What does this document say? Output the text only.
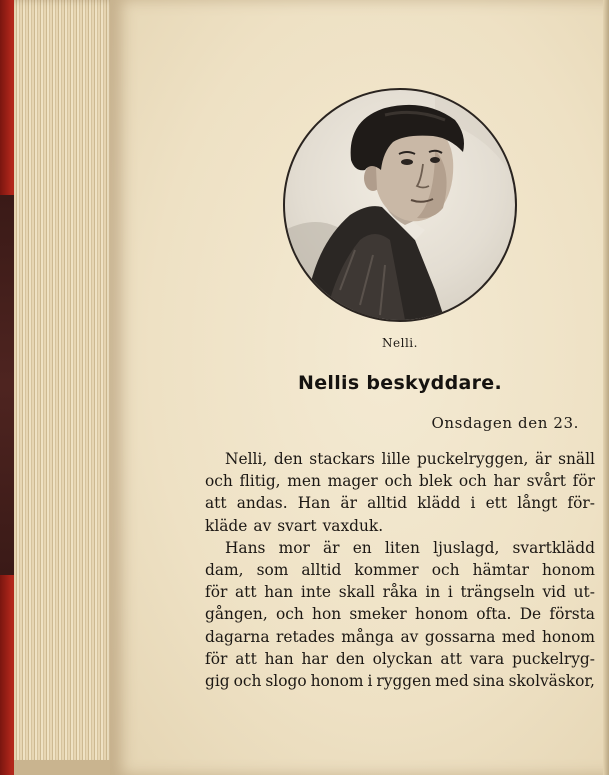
Nelli.
Nellis beskyddare.
Onsdagen den 23.
Nelli, den stackars lille puckelryggen, är snäll
och flitig, men mager och blek och har svårt för
att andas. Han är alltid klädd i ett långt för-
kläde av svart vaxduk.
Hans mor är en liten ljuslagd, svartklädd
dam, som alltid kommer och hämtar honom
för att han inte skall råka in i trängseln vid ut-
gången, och hon smeker honom ofta. De första
dagarna retades många av gossarna med honom
för att han har den olyckan att vara puckelryg-
gig och slogo honom i ryggen med sina skolväskor,
